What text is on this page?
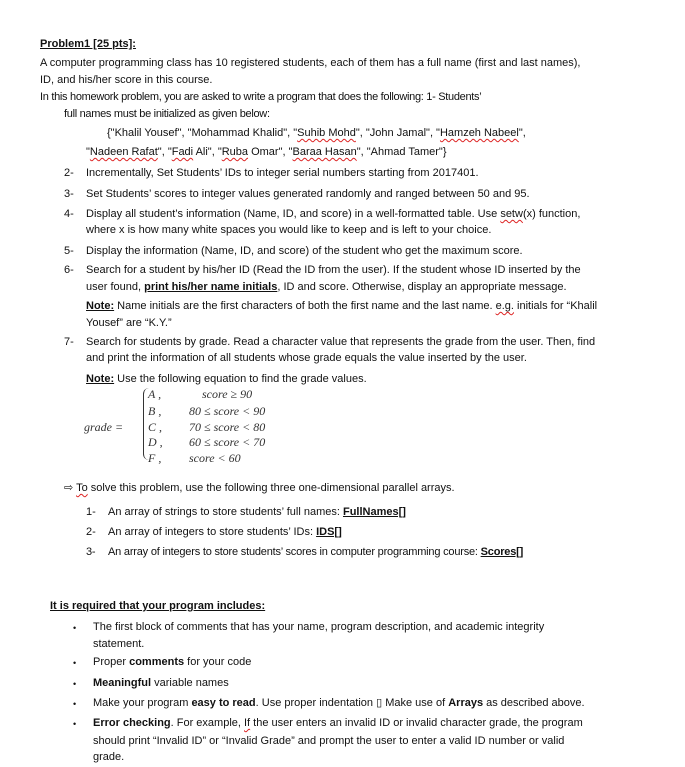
Problem1 [25 pts]:
A computer programming class has 10 registered students, each of them has a full name (first and last names),
ID, and his/her score in this course.
In this homework problem, you are asked to write a program that does the following: 1- Students’
full names must be initialized as given below:
{"Khalil Yousef", "Mohammad Khalid", "Suhib Mohd", "John Jamal", "Hamzeh Nabeel",
"Nadeen Rafat", "Fadi Ali", "Ruba Omar", "Baraa Hasan", "Ahmad Tamer"}
2- Incrementally, Set Students’ IDs to integer serial numbers starting from 2017401.
3- Set Students’ scores to integer values generated randomly and ranged between 50 and 95.
4- Display all student’s information (Name, ID, and score) in a well-formatted table. Use setw(x) function,
where x is how many white spaces you would like to keep and is left to your choice.
5- Display the information (Name, ID, and score) of the student who get the maximum score.
6- Search for a student by his/her ID (Read the ID from the user). If the student whose ID inserted by the
user found, print his/her name initials, ID and score. Otherwise, display an appropriate message.
Note: Name initials are the first characters of both the first name and the last name. e.g. initials for “Khalil
Yousef” are “K.Y.”
7- Search for students by grade. Read a character value that represents the grade from the user. Then, find
and print the information of all students whose grade equals the value inserted by the user.
Note: Use the following equation to find the grade values.
grade =
A ,	score ≥ 90
B , 80 ≤ score < 90
C , 70 ≤ score < 80
D , 60 ≤ score < 70
F , score < 60
⇨ To solve this problem, use the following three one-dimensional parallel arrays.
1- An array of strings to store students’ full names: FullNames[]
2- An array of integers to store students’ IDs: IDS[]
3- An array of integers to store students’ scores in computer programming course: Scores[]
It is required that your program includes:
• The first block of comments that has your name, program description, and academic integrity
statement.
• Proper comments for your code
• Meaningful variable names
• Make your program easy to read. Use proper indentation ▯ Make use of Arrays as described above.
• Error checking. For example, If the user enters an invalid ID or invalid character grade, the program
should print “Invalid ID” or “Invalid Grade” and prompt the user to enter a valid ID number or valid
grade.
